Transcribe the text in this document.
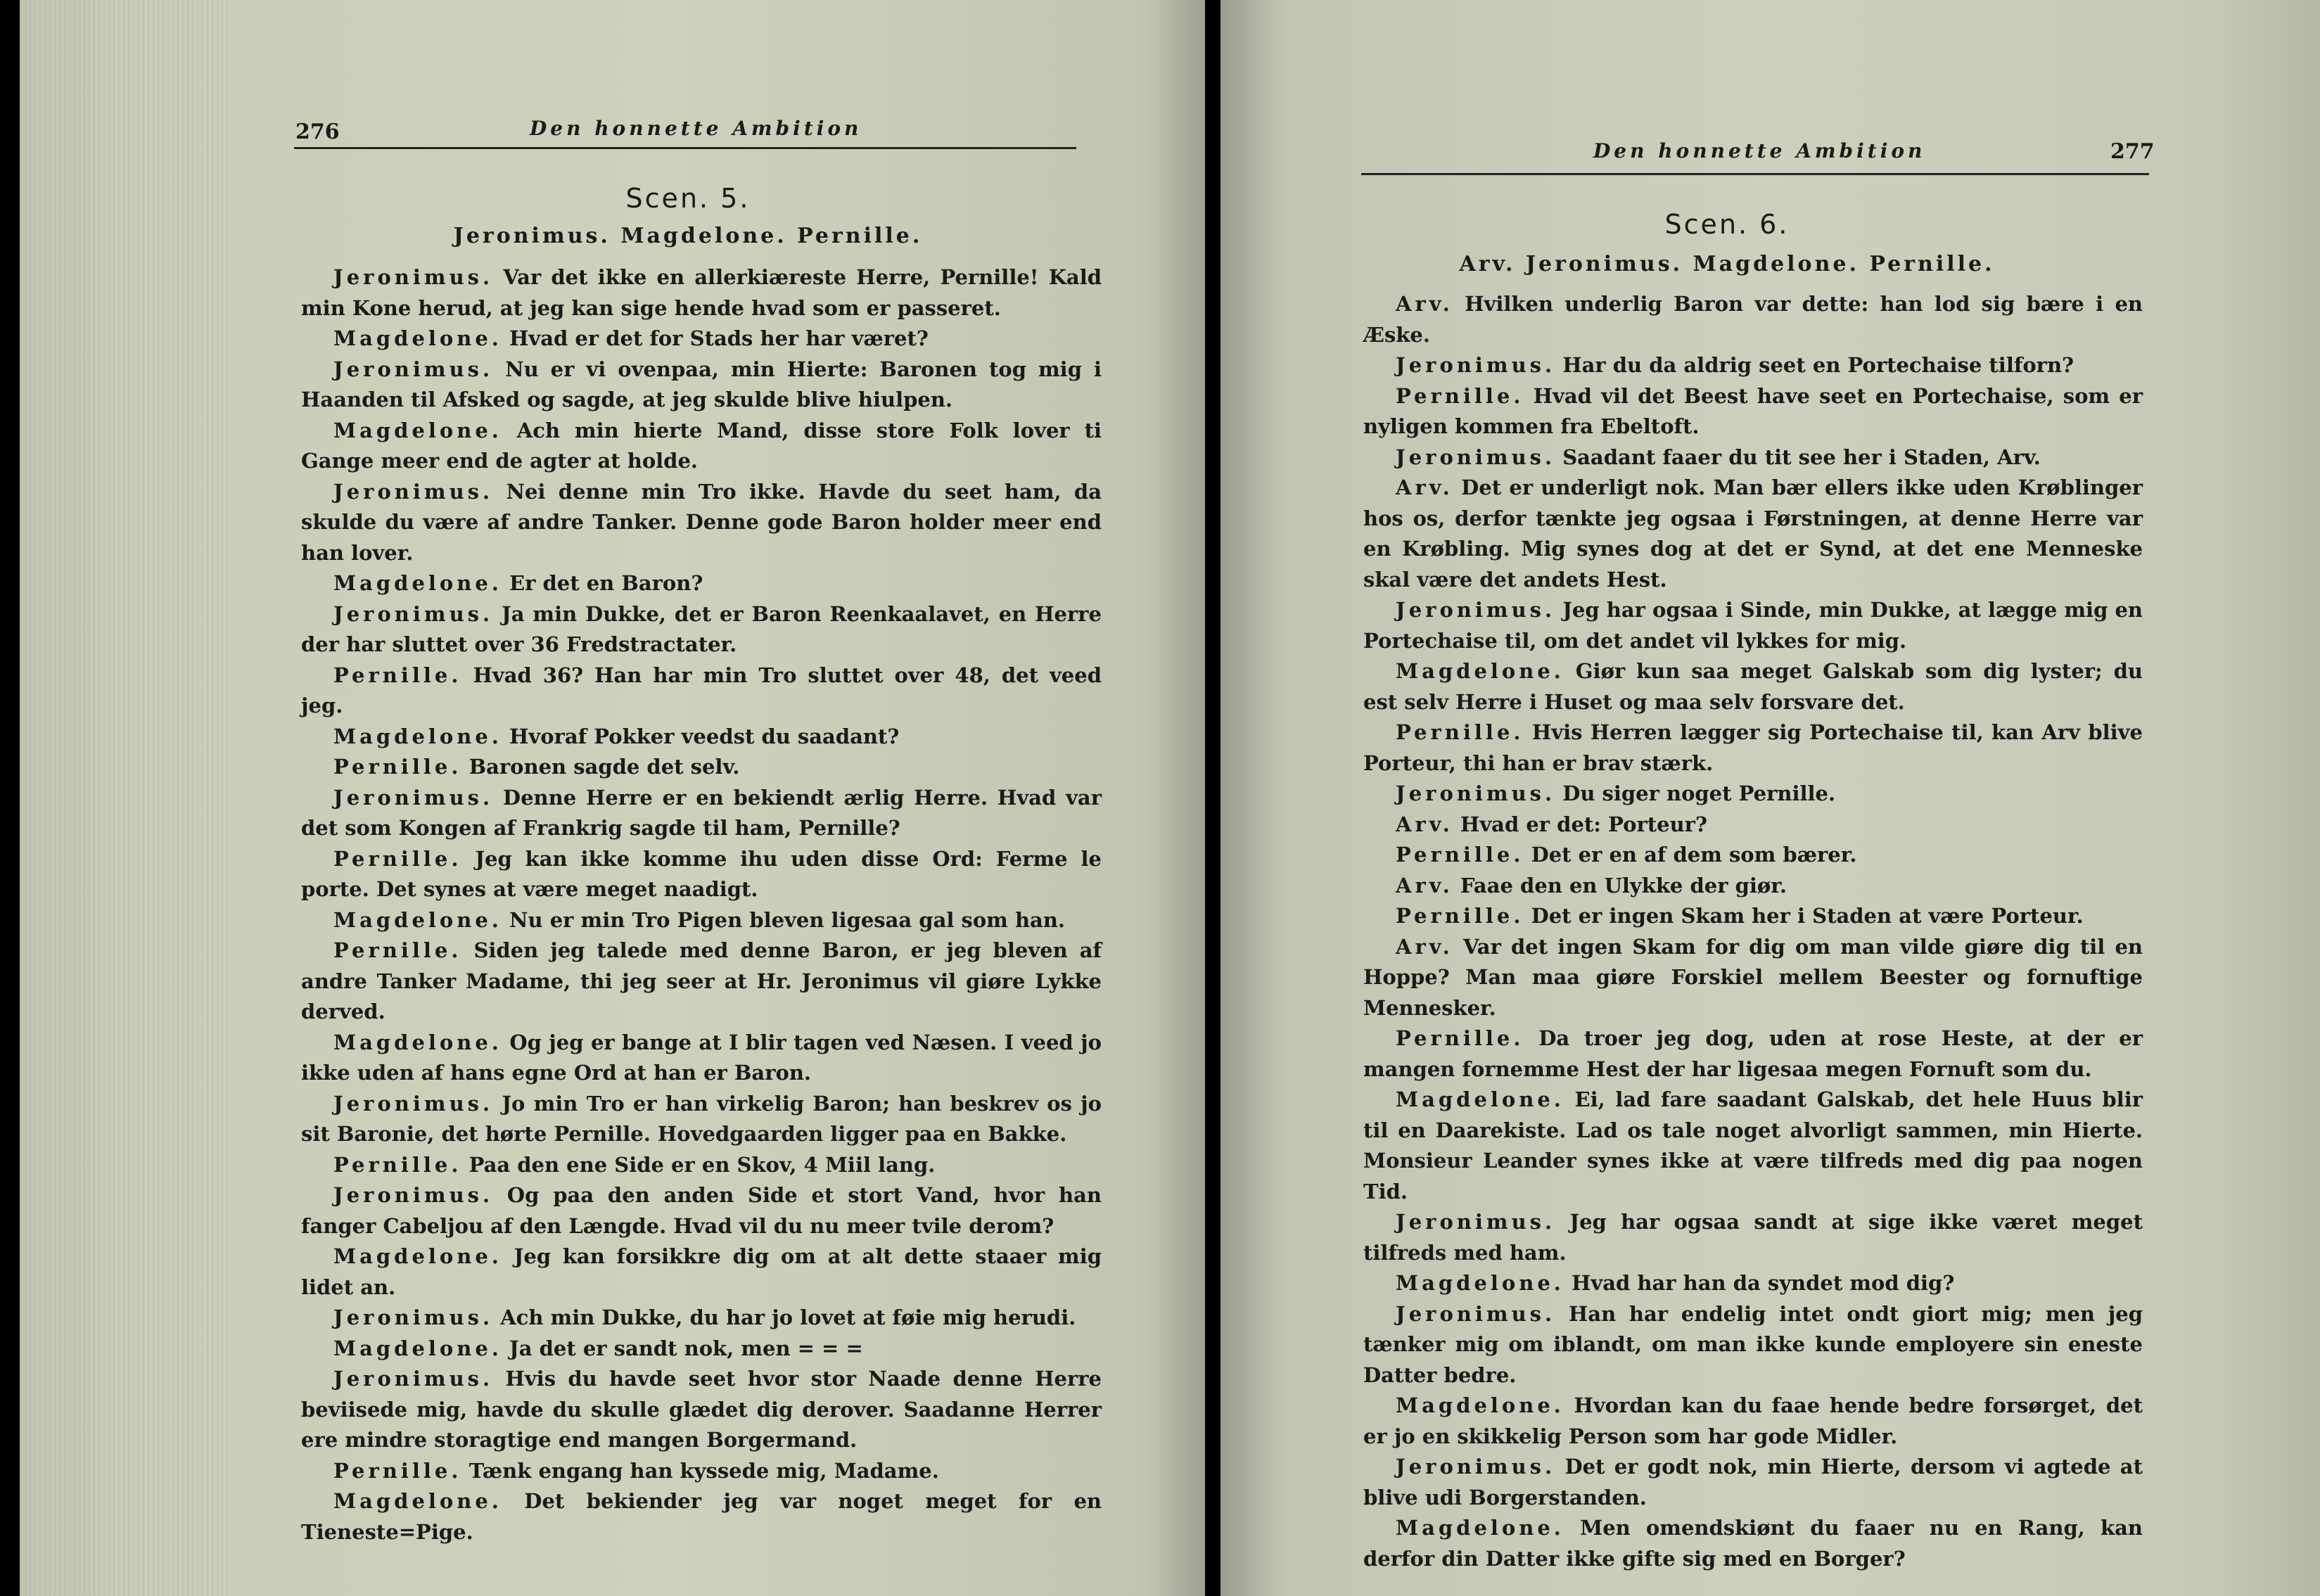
276	Den honnette Ambition
Scen. 5.
Jeronimus. Magdelone. Pernille.

Jeronimus. Var det ikke en allerkiæreste Herre, Pernille! Kald min Kone herud, at jeg kan sige hende hvad som er passeret.

Magdelone. Hvad er det for Stads her har været?

Jeronimus. Nu er vi ovenpaa, min Hierte: Baronen tog mig i Haanden til Afsked og sagde, at jeg skulde blive hiulpen.

Magdelone. Ach min hierte Mand, disse store Folk lover ti Gange meer end de agter at holde.

Jeronimus. Nei denne min Tro ikke. Havde du seet ham, da skulde du være af andre Tanker. Denne gode Baron holder meer end han lover.

Magdelone. Er det en Baron?

Jeronimus. Ja min Dukke, det er Baron Reenkaalavet, en Herre der har sluttet over 36 Fredstractater.

Pernille. Hvad 36? Han har min Tro sluttet over 48, det veed jeg.

Magdelone. Hvoraf Pokker veedst du saadant?

Pernille. Baronen sagde det selv.

Jeronimus. Denne Herre er en bekiendt ærlig Herre. Hvad var det som Kongen af Frankrig sagde til ham, Pernille?

Pernille. Jeg kan ikke komme ihu uden disse Ord: Ferme le porte. Det synes at være meget naadigt.

Magdelone. Nu er min Tro Pigen bleven ligesaa gal som han.

Pernille. Siden jeg talede med denne Baron, er jeg bleven af andre Tanker Madame, thi jeg seer at Hr. Jeronimus vil giøre Lykke derved.

Magdelone. Og jeg er bange at I blir tagen ved Næsen. I veed jo ikke uden af hans egne Ord at han er Baron.

Jeronimus. Jo min Tro er han virkelig Baron; han beskrev os jo sit Baronie, det hørte Pernille. Hovedgaarden ligger paa en Bakke.

Pernille. Paa den ene Side er en Skov, 4 Miil lang.

Jeronimus. Og paa den anden Side et stort Vand, hvor han fanger Cabeljou af den Længde. Hvad vil du nu meer tvile derom?

Magdelone. Jeg kan forsikkre dig om at alt dette staaer mig lidet an.

Jeronimus. Ach min Dukke, du har jo lovet at føie mig herudi.

Magdelone. Ja det er sandt nok, men = = =

Jeronimus. Hvis du havde seet hvor stor Naade denne Herre beviisede mig, havde du skulle glædet dig derover. Saadanne Herrer ere mindre storagtige end mangen Borgermand.

Pernille. Tænk engang han kyssede mig, Madame.

Magdelone. Det bekiender jeg var noget meget for en Tieneste=Pige.

Den honnette Ambition	277
Scen. 6.
Arv. Jeronimus. Magdelone. Pernille.

Arv. Hvilken underlig Baron var dette: han lod sig bære i en Æske.

Jeronimus. Har du da aldrig seet en Portechaise tilforn?

Pernille. Hvad vil det Beest have seet en Portechaise, som er nyligen kommen fra Ebeltoft.

Jeronimus. Saadant faaer du tit see her i Staden, Arv.

Arv. Det er underligt nok. Man bær ellers ikke uden Krøblinger hos os, derfor tænkte jeg ogsaa i Førstningen, at denne Herre var en Krøbling. Mig synes dog at det er Synd, at det ene Menneske skal være det andets Hest.

Jeronimus. Jeg har ogsaa i Sinde, min Dukke, at lægge mig en Portechaise til, om det andet vil lykkes for mig.

Magdelone. Giør kun saa meget Galskab som dig lyster; du est selv Herre i Huset og maa selv forsvare det.

Pernille. Hvis Herren lægger sig Portechaise til, kan Arv blive Porteur, thi han er brav stærk.

Jeronimus. Du siger noget Pernille.

Arv. Hvad er det: Porteur?

Pernille. Det er en af dem som bærer.

Arv. Faae den en Ulykke der giør.

Pernille. Det er ingen Skam her i Staden at være Porteur.

Arv. Var det ingen Skam for dig om man vilde giøre dig til en Hoppe? Man maa giøre Forskiel mellem Beester og fornuftige Mennesker.

Pernille. Da troer jeg dog, uden at rose Heste, at der er mangen fornemme Hest der har ligesaa megen Fornuft som du.

Magdelone. Ei, lad fare saadant Galskab, det hele Huus blir til en Daarekiste. Lad os tale noget alvorligt sammen, min Hierte. Monsieur Leander synes ikke at være tilfreds med dig paa nogen Tid.

Jeronimus. Jeg har ogsaa sandt at sige ikke været meget tilfreds med ham.

Magdelone. Hvad har han da syndet mod dig?

Jeronimus. Han har endelig intet ondt giort mig; men jeg tænker mig om iblandt, om man ikke kunde employere sin eneste Datter bedre.

Magdelone. Hvordan kan du faae hende bedre forsørget, det er jo en skikkelig Person som har gode Midler.

Jeronimus. Det er godt nok, min Hierte, dersom vi agtede at blive udi Borgerstanden.

Magdelone. Men omendskiønt du faaer nu en Rang, kan derfor din Datter ikke gifte sig med en Borger?
